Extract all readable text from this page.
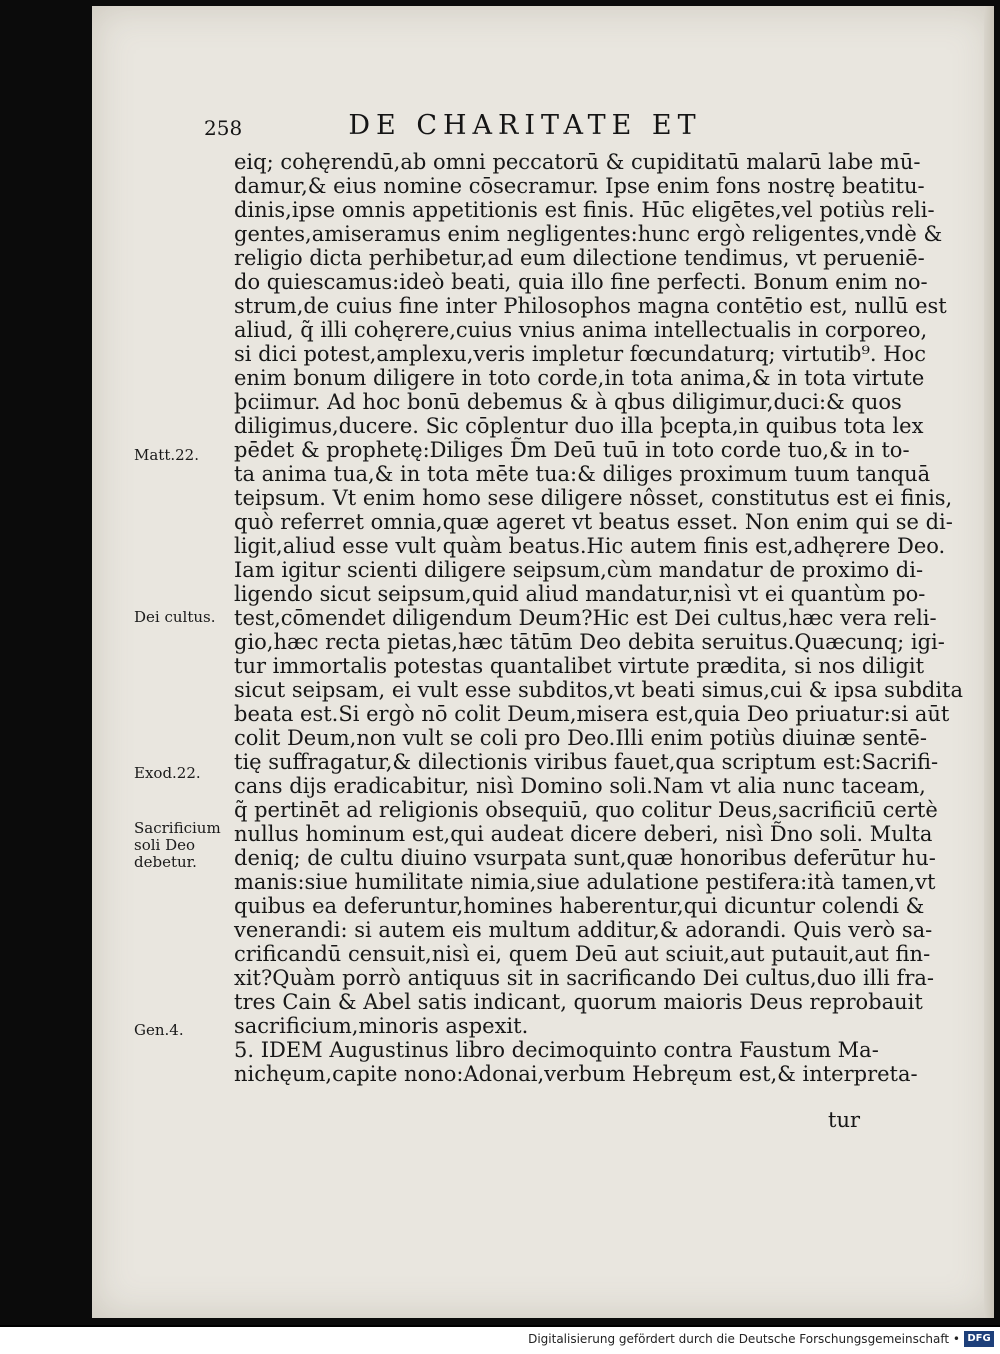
258	DE CHARITATE ET
eiq; cohęrendū,ab omni peccatorū & cupiditatū malarū labe mū-
damur,& eius nomine cōsecramur. Ipse enim fons nostrę beatitu-
dinis,ipse omnis appetitionis est finis. Hūc eligētes,vel potiùs reli-
gentes,amiseramus enim negligentes:hunc ergò religentes,vndè &
religio dicta perhibetur,ad eum dilectione tendimus, vt perueniē-
do quiescamus:ideò beati, quia illo fine perfecti. Bonum enim no-
strum,de cuius fine inter Philosophos magna contētio est, nullū est
aliud, q̃ illi cohęrere,cuius vnius anima intellectualis in corporeo,
si dici potest,amplexu,veris impletur fœcundaturq; virtutib⁹. Hoc
enim bonum diligere in toto corde,in tota anima,& in tota virtute
þciimur. Ad hoc bonū debemus & à qbus diligimur,duci:& quos
diligimus,ducere. Sic cōplentur duo illa þcepta,in quibus tota lex
pēdet & prophetę:Diliges D̃m Deū tuū in toto corde tuo,& in to-
ta anima tua,& in tota mēte tua:& diliges proximum tuum tanquā
teipsum. Vt enim homo sese diligere nôsset, constitutus est ei finis,
quò referret omnia,quæ ageret vt beatus esset. Non enim qui se di-
ligit,aliud esse vult quàm beatus.Hic autem finis est,adhęrere Deo.
Iam igitur scienti diligere seipsum,cùm mandatur de proximo di-
ligendo sicut seipsum,quid aliud mandatur,nisì vt ei quantùm po-
test,cōmendet diligendum Deum?Hic est Dei cultus,hæc vera reli-
gio,hæc recta pietas,hæc tātūm Deo debita seruitus.Quæcunq; igi-
tur immortalis potestas quantalibet virtute prædita, si nos diligit
sicut seipsam, ei vult esse subditos,vt beati simus,cui & ipsa subdita
beata est.Si ergò nō colit Deum,misera est,quia Deo priuatur:si aūt
colit Deum,non vult se coli pro Deo.Illi enim potiùs diuinæ sentē-
tię suffragatur,& dilectionis viribus fauet,qua scriptum est:Sacrifi-
cans dijs eradicabitur, nisì Domino soli.Nam vt alia nunc taceam,
q̃ pertinēt ad religionis obsequiū, quo colitur Deus,sacrificiū certè
nullus hominum est,qui audeat dicere deberi, nisì D̃no soli. Multa
deniq; de cultu diuino vsurpata sunt,quæ honoribus deferūtur hu-
manis:siue humilitate nimia,siue adulatione pestifera:ità tamen,vt
quibus ea deferuntur,homines haberentur,qui dicuntur colendi &
venerandi: si autem eis multum additur,& adorandi. Quis verò sa-
crificandū censuit,nisì ei, quem Deū aut sciuit,aut putauit,aut fin-
xit?Quàm porrò antiquus sit in sacrificando Dei cultus,duo illi fra-
tres Cain & Abel satis indicant, quorum maioris Deus reprobauit
sacrificium,minoris aspexit.
5. IDEM Augustinus libro decimoquinto contra Faustum Ma-
nichęum,capite nono:Adonai,verbum Hebręum est,& interpreta-
tur
Matt.22.
Dei cultus.
Exod.22.
Sacrificium soli Deo debetur.
Gen.4.
Digitalisierung gefördert durch die Deutsche Forschungsgemeinschaft • DFG
